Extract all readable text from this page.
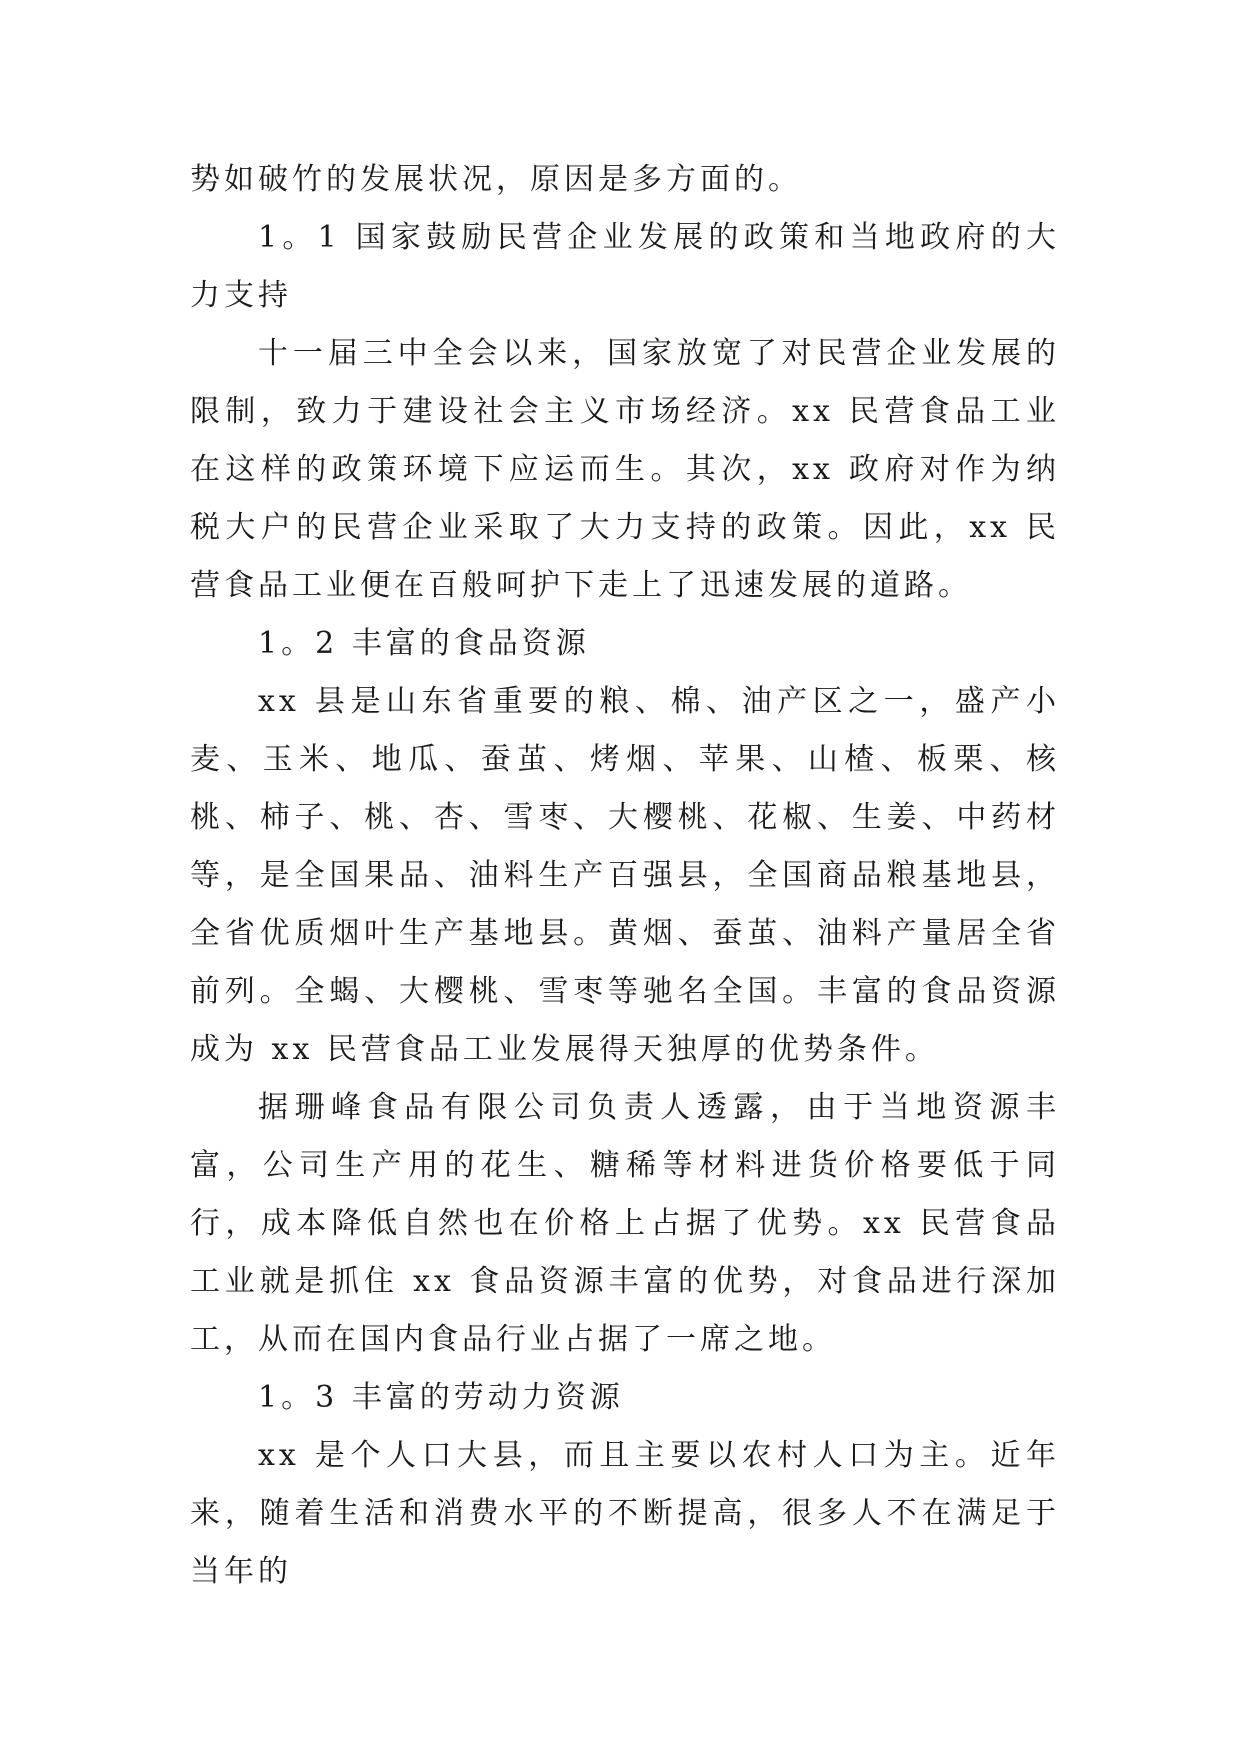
势如破竹的发展状况，原因是多方面的。

1。1 国家鼓励民营企业发展的政策和当地政府的大力支持

十一届三中全会以来，国家放宽了对民营企业发展的限制，致力于建设社会主义市场经济。xx 民营食品工业在这样的政策环境下应运而生。其次，xx 政府对作为纳税大户的民营企业采取了大力支持的政策。因此，xx 民营食品工业便在百般呵护下走上了迅速发展的道路。

1。2 丰富的食品资源

xx 县是山东省重要的粮、棉、油产区之一，盛产小麦、玉米、地瓜、蚕茧、烤烟、苹果、山楂、板栗、核桃、柿子、桃、杏、雪枣、大樱桃、花椒、生姜、中药材等，是全国果品、油料生产百强县，全国商品粮基地县，全省优质烟叶生产基地县。黄烟、蚕茧、油料产量居全省前列。全蝎、大樱桃、雪枣等驰名全国。丰富的食品资源成为 xx 民营食品工业发展得天独厚的优势条件。

据珊峰食品有限公司负责人透露，由于当地资源丰富，公司生产用的花生、糖稀等材料进货价格要低于同行，成本降低自然也在价格上占据了优势。xx 民营食品工业就是抓住 xx 食品资源丰富的优势，对食品进行深加工，从而在国内食品行业占据了一席之地。

1。3 丰富的劳动力资源

xx 是个人口大县，而且主要以农村人口为主。近年来，随着生活和消费水平的不断提高，很多人不在满足于当年的
